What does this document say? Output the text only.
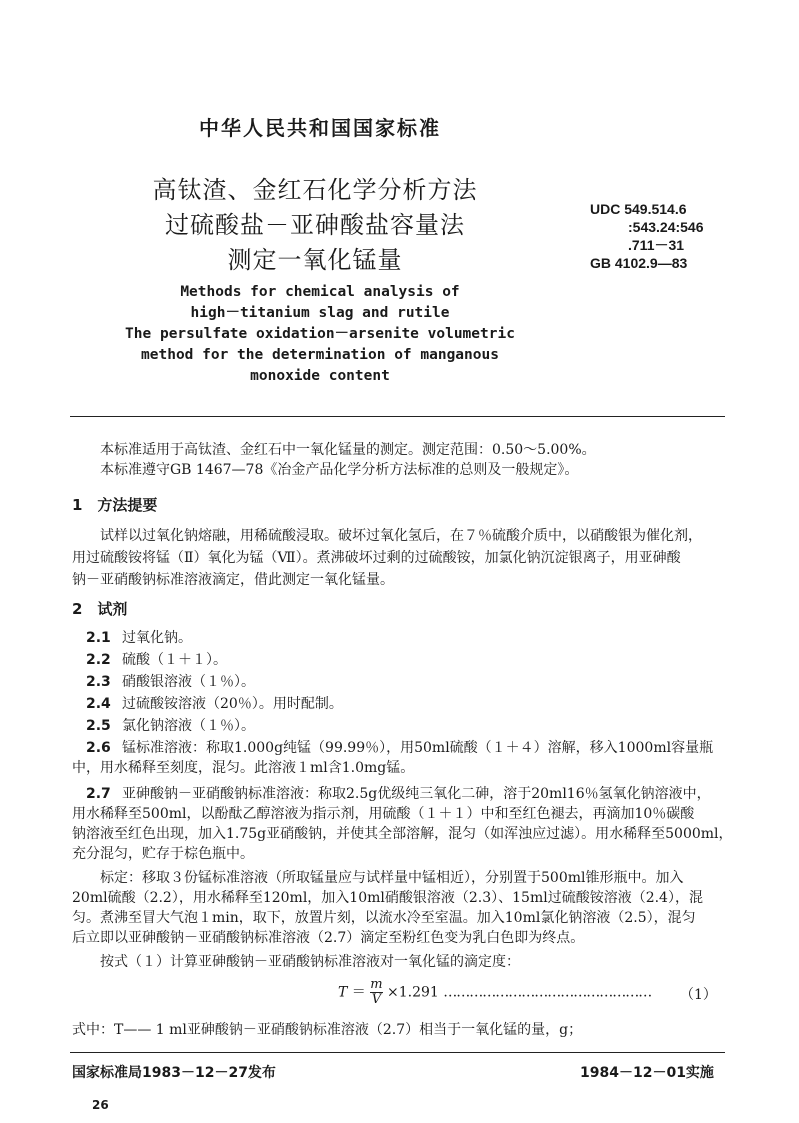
中华人民共和国国家标准
高钛渣、金红石化学分析方法
过硫酸盐－亚砷酸盐容量法
测定一氧化锰量
UDC 549.514.6
:543.24:546
.711－31
GB 4102.9—83
Methods for chemical analysis of
high－titanium slag and rutile
The persulfate oxidation－arsenite volumetric
method for the determination of manganous
monoxide content
本标准适用于高钛渣、金红石中一氧化锰量的测定。测定范围：0.50～5.00%。
本标准遵守GB 1467—78《冶金产品化学分析方法标准的总则及一般规定》。
1　方法提要
试样以过氧化钠熔融，用稀硫酸浸取。破坏过氧化氢后，在７％硫酸介质中，以硝酸银为催化剂，
用过硫酸铵将锰（Ⅱ）氧化为锰（Ⅶ）。煮沸破坏过剩的过硫酸铵，加氯化钠沉淀银离子，用亚砷酸
钠－亚硝酸钠标准溶液滴定，借此测定一氧化锰量。
2　试剂
2.1 过氧化钠。
2.2 硫酸（１＋１）。
2.3 硝酸银溶液（１％）。
2.4 过硫酸铵溶液（20％）。用时配制。
2.5 氯化钠溶液（１％）。
2.6 锰标准溶液：称取1.000g纯锰（99.99％），用50ml硫酸（１＋４）溶解，移入1000ml容量瓶
中，用水稀释至刻度，混匀。此溶液１ml含1.0mg锰。
2.7 亚砷酸钠－亚硝酸钠标准溶液：称取2.5g优级纯三氧化二砷，溶于20ml16％氢氧化钠溶液中，
用水稀释至500ml，以酚酞乙醇溶液为指示剂，用硫酸（１＋１）中和至红色褪去，再滴加10％碳酸
钠溶液至红色出现，加入1.75g亚硝酸钠，并使其全部溶解，混匀（如浑浊应过滤）。用水稀释至5000ml，
充分混匀，贮存于棕色瓶中。
标定：移取３份锰标准溶液（所取锰量应与试样量中锰相近），分别置于500ml锥形瓶中。加入
20ml硫酸（2.2），用水稀释至120ml，加入10ml硝酸银溶液（2.3）、15ml过硫酸铵溶液（2.4），混
匀。煮沸至冒大气泡１min，取下，放置片刻，以流水冷至室温。加入10ml氯化钠溶液（2.5），混匀
后立即以亚砷酸钠－亚硝酸钠标准溶液（2.7）滴定至粉红色变为乳白色即为终点。
按式（１）计算亚砷酸钠－亚硝酸钠标准溶液对一氧化锰的滴定度：
$T = \frac{m}{V} \times 1.291$ ………………………………………… （1）
式中：T—— 1 ml亚砷酸钠－亚硝酸钠标准溶液（2.7）相当于一氧化锰的量，g；
国家标准局1983－12－27发布	1984－12－01实施
26
